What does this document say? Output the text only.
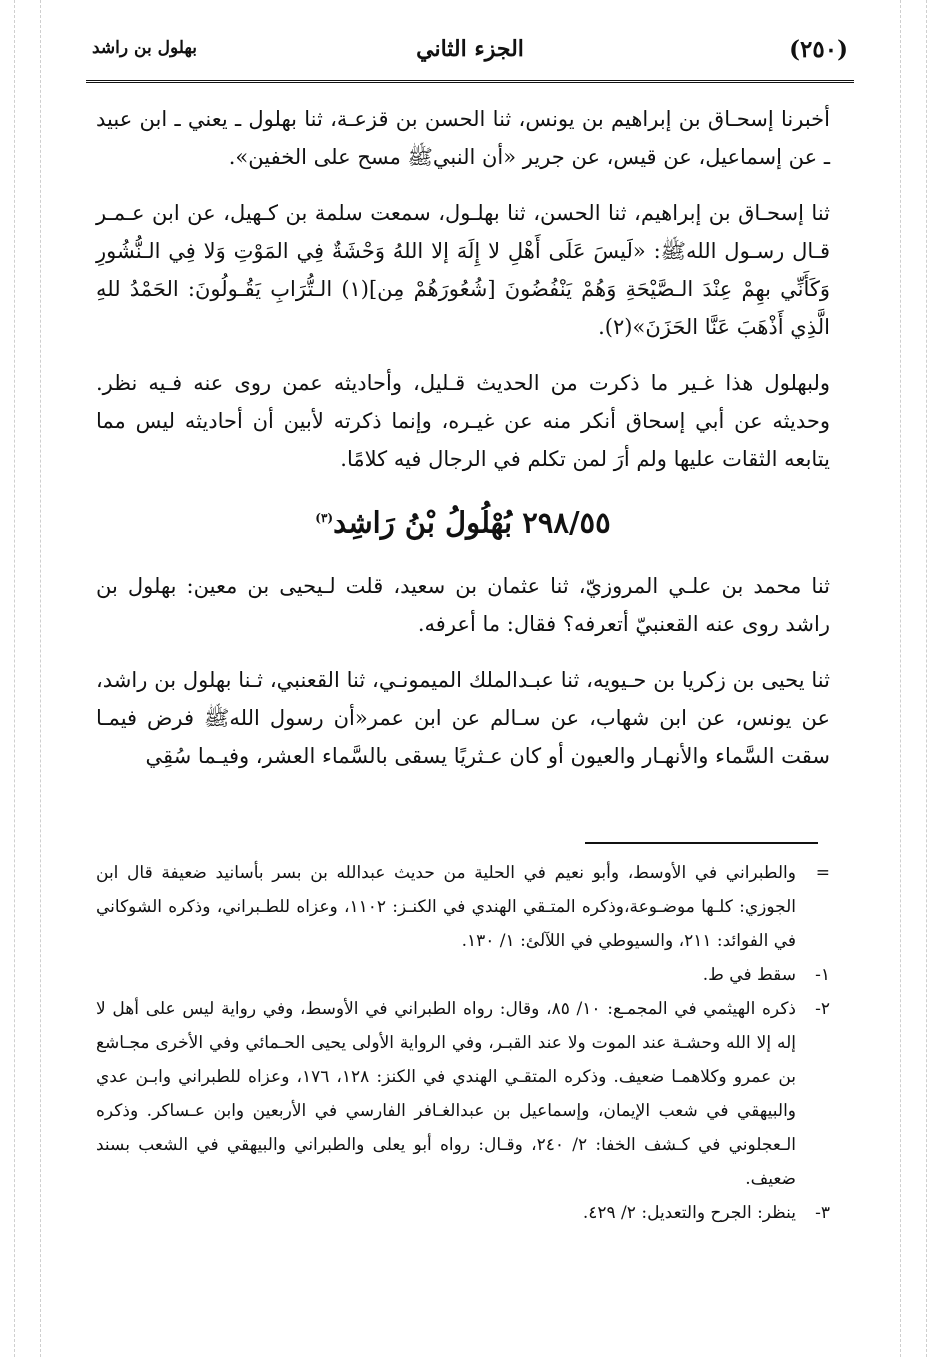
(٢٥٠)
الجزء الثاني
بهلول بن راشد

أخبرنا إسحـاق بن إبراهيم بن يونس، ثنا الحسن بن قزعـة، ثنا بهلول ـ يعني ـ ابن عبيد ـ عن إسماعيل، عن قيس، عن جرير «أن النبيﷺ مسح على الخفين».

ثنا إسحـاق بن إبراهيم، ثنا الحسن، ثنا بهلـول، سمعت سلمة بن كـهيل، عن ابن عـمـر قـال رسـول اللهﷺ: «لَيسَ عَلَى أَهْلِ لا إِلَهَ إلا اللهُ وَحْشَةٌ فِي المَوْتِ وَلا فِي الـنُّشُورِ وَكَأَنِّي بهِمْ عِنْدَ الـصَّيْحَةِ وَهُمْ يَنْفُضُونَ [شُعُورَهُمْ مِن](١) الـتُّرَابِ يَقُـولُونَ: الحَمْدُ للهِ الَّذِي أَذْهَبَ عَنَّا الحَزَنَ»(٢).

ولبهلول هذا غـير ما ذكرت من الحديث قـليل، وأحاديثه عمن روى عنه فـيه نظر. وحديثه عن أبي إسحاق أنكر منه عن غيـره، وإنما ذكرته لأبين أن أحاديثه ليس مما يتابعه الثقات عليها ولم أرَ لمن تكلم في الرجال فيه كلامًا.

٢٩٨/٥٥ بُهْلُولُ بْنُ رَاشِد$^{(٣)}$

ثنا محمد بن علـي المروزيّ، ثنا عثمان بن سعيد، قلت لـيحيى بن معين: بهلول بن راشد روى عنه القعنبيّ أتعرفه؟ فقال: ما أعرفه.

ثنا يحيى بن زكريا بن حـيويه، ثنا عبـدالملك الميمونـي، ثنا القعنبي، ثـنا بهلول بن راشد، عن يونس، عن ابن شهاب، عن سـالم عن ابن عمر«أن رسول اللهﷺ فرض فيمـا سقت السَّماء والأنهـار والعيون أو كان عـثريًا يسقى بالسَّماء العشر، وفيـما سُقِي

=
والطبراني في الأوسط، وأبو نعيم في الحلية من حديث عبدالله بن بسر بأسانيد ضعيفة قال ابن الجوزي: كلـها موضـوعة،وذكره المتـقي الهندي في الكنـز: ١١٠٢، وعزاه للطـبراني، وذكره الشوكاني في الفوائد: ٢١١، والسيوطي في اللآلئ: ١/ ١٣٠.
١-
سقط في ط.
٢-
ذكره الهيثمي في المجمـع: ١٠/ ٨٥، وقال: رواه الطبراني في الأوسط، وفي رواية ليس على أهل لا إله إلا الله وحشـة عند الموت ولا عند القبـر، وفي الرواية الأولى يحيى الحـمائي وفي الأخرى مجـاشع بن عمرو وكلاهمـا ضعيف. وذكره المتقـي الهندي في الكنز: ١٢٨، ١٧٦، وعزاه للطبراني وابـن عدي والبيهقي في شعب الإيمان، وإسماعيل بن عبدالغـافر الفارسي في الأربعين وابن عـساكر. وذكره الـعجلوني في كـشف الخفا: ٢/ ٢٤٠، وقـال: رواه أبو يعلى والطبراني والبيهقي في الشعب بسند ضعيف.
٣-
ينظر: الجرح والتعديل: ٢/ ٤٢٩.
